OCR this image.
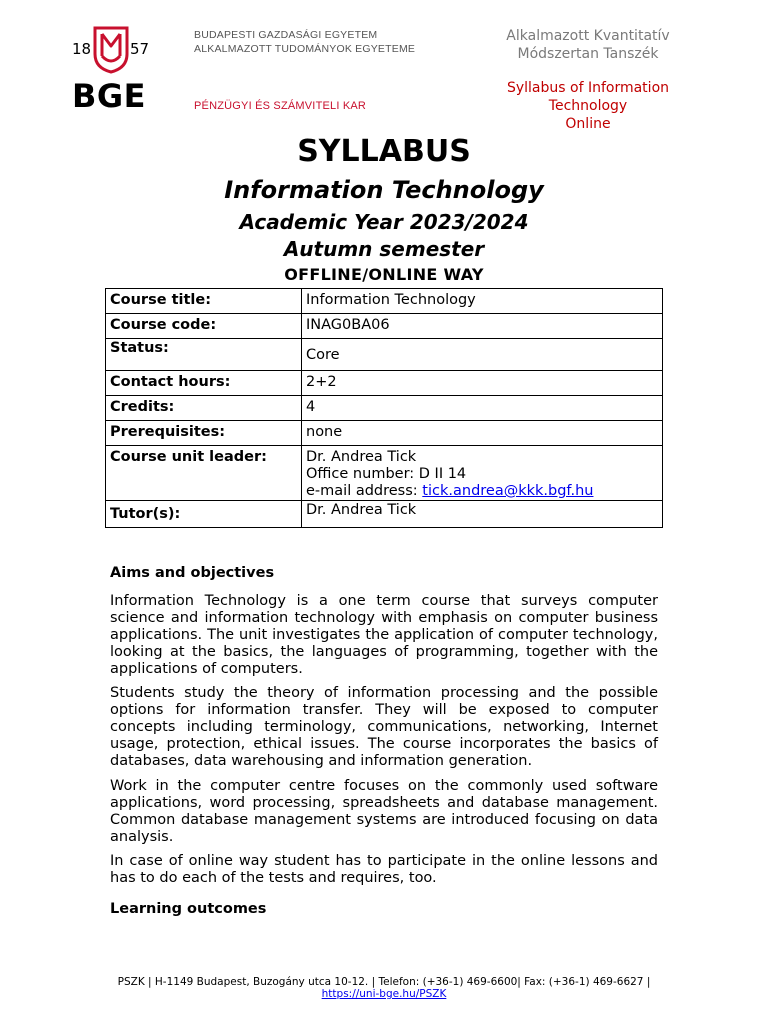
18	57
BGE
BUDAPESTI GAZDASÁGI EGYETEM
ALKALMAZOTT TUDOMÁNYOK EGYETEME
PÉNZÜGYI ÉS SZÁMVITELI KAR
Alkalmazott Kvantitatív
Módszertan Tanszék
Syllabus of Information
Technology
Online
SYLLABUS
Information Technology
Academic Year 2023/2024
Autumn semester
OFFLINE/ONLINE WAY
Course title:	Information Technology
Course code:	INAG0BA06
Status:	Core
Contact hours:	2+2
Credits:	4
Prerequisites:	none
Course unit leader:	Dr. Andrea Tick
Office number: D II 14
e-mail address: tick.andrea@kkk.bgf.hu

Tutor(s):	Dr. Andrea Tick
Aims and objectives

Information Technology is a one term course that surveys computer science and information technology with emphasis on computer business applications. The unit investigates the application of computer technology, looking at the basics, the languages of programming, together with the applications of computers.

Students study the theory of information processing and the possible options for information transfer. They will be exposed to computer concepts including terminology, communications, networking, Internet usage, protection, ethical issues. The course incorporates the basics of databases, data warehousing and information generation.

Work in the computer centre focuses on the commonly used software applications, word processing, spreadsheets and database management. Common database management systems are introduced focusing on data analysis.

In case of online way student has to participate in the online lessons and has to do each of the tests and requires, too.

Learning outcomes
PSZK | H-1149 Budapest, Buzogány utca 10-12. | Telefon: (+36-1) 469-6600| Fax: (+36-1) 469-6627 |
https://uni-bge.hu/PSZK
